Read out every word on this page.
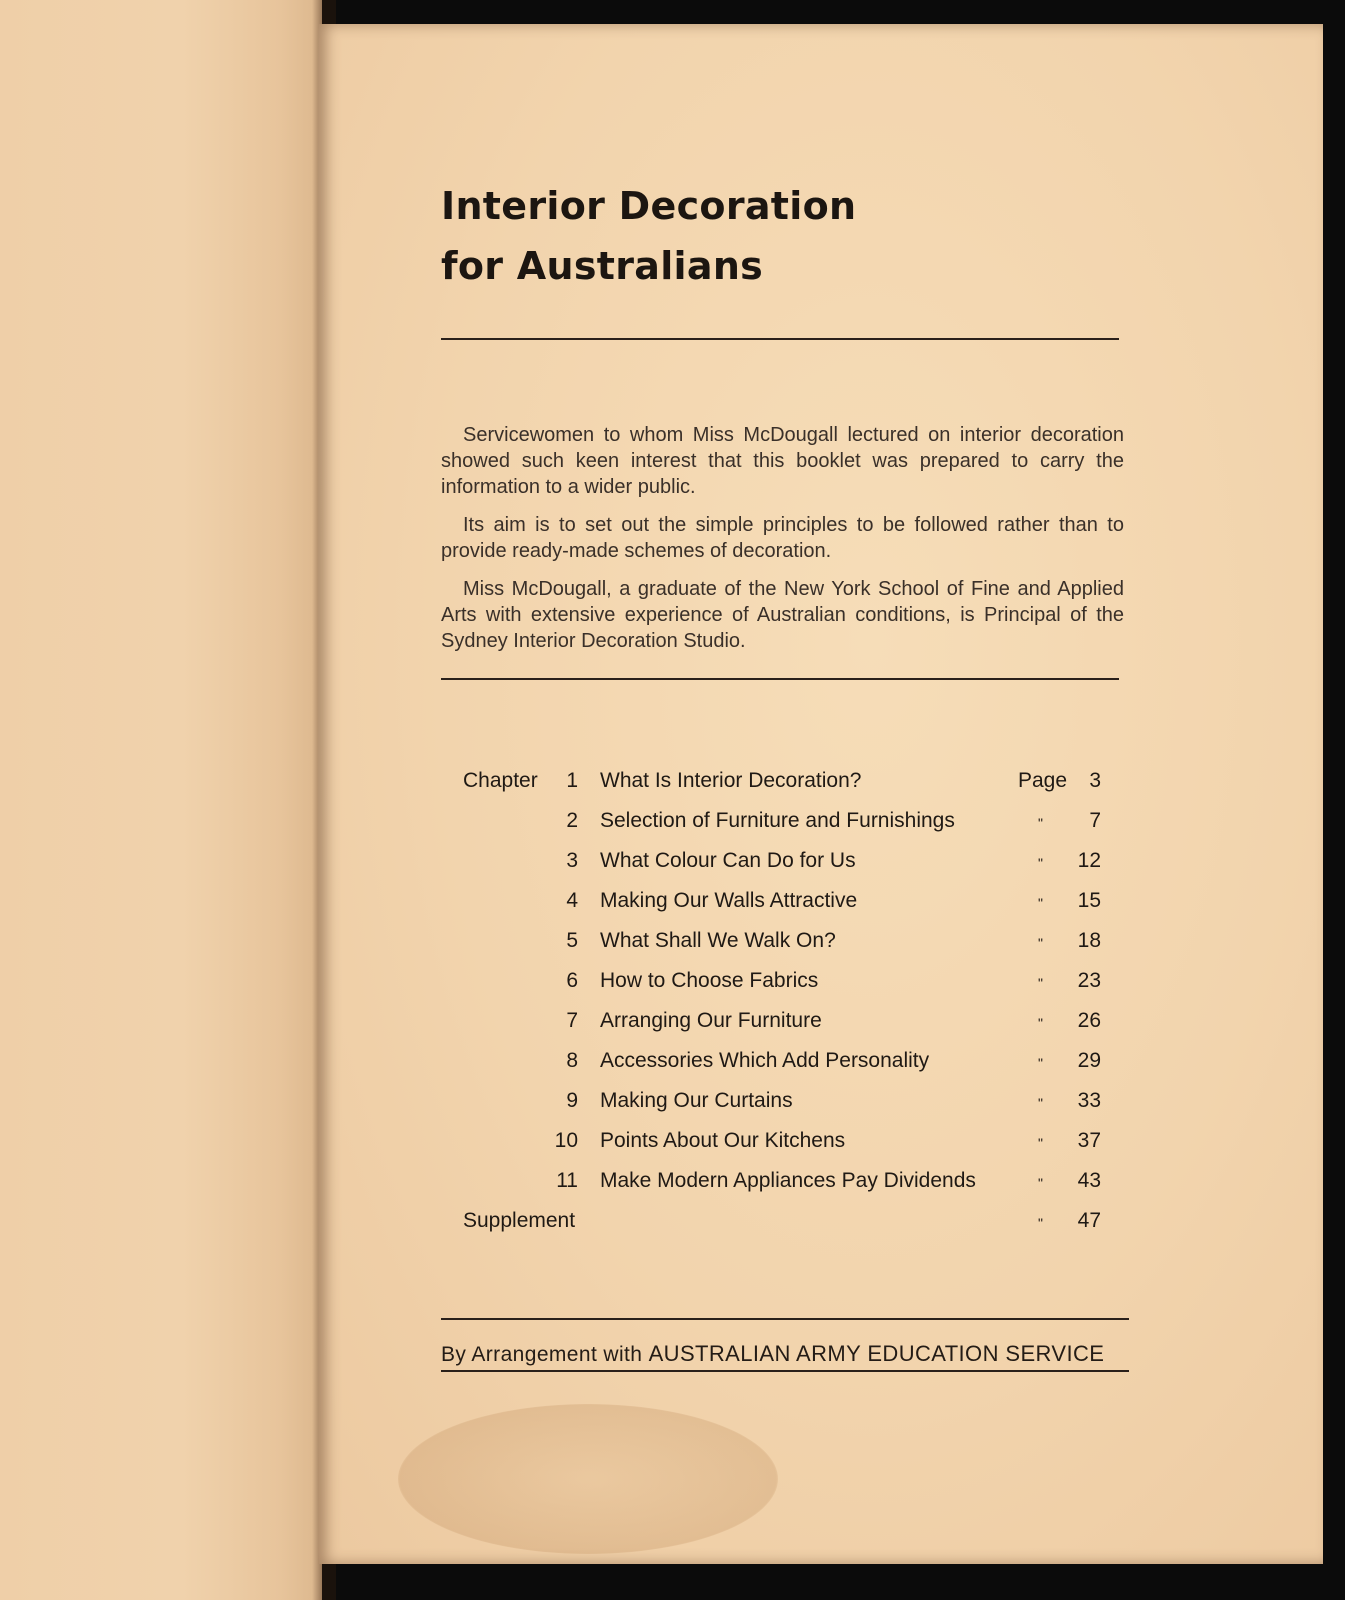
Interior Decoration
for Australians

Servicewomen to whom Miss McDougall lectured on interior decoration showed such keen interest that this booklet was prepared to carry the information to a wider public.

Its aim is to set out the simple principles to be followed rather than to provide ready-made schemes of decoration.

Miss McDougall, a graduate of the New York School of Fine and Applied Arts with extensive experience of Australian conditions, is Principal of the Sydney Interior Decoration Studio.

Chapter	1 What Is Interior Decoration?	Page	3
2 Selection of Furniture and Furnishings	"	7
3 What Colour Can Do for Us	"	12
4 Making Our Walls Attractive	"	15
5 What Shall We Walk On?	"	18
6 How to Choose Fabrics	"	23
7 Arranging Our Furniture	"	26
8 Accessories Which Add Personality	"	29
9 Making Our Curtains	"	33
10 Points About Our Kitchens	"	37
11 Make Modern Appliances Pay Dividends	"	43
Supplement	"	47
By Arrangement with AUSTRALIAN ARMY EDUCATION SERVICE
